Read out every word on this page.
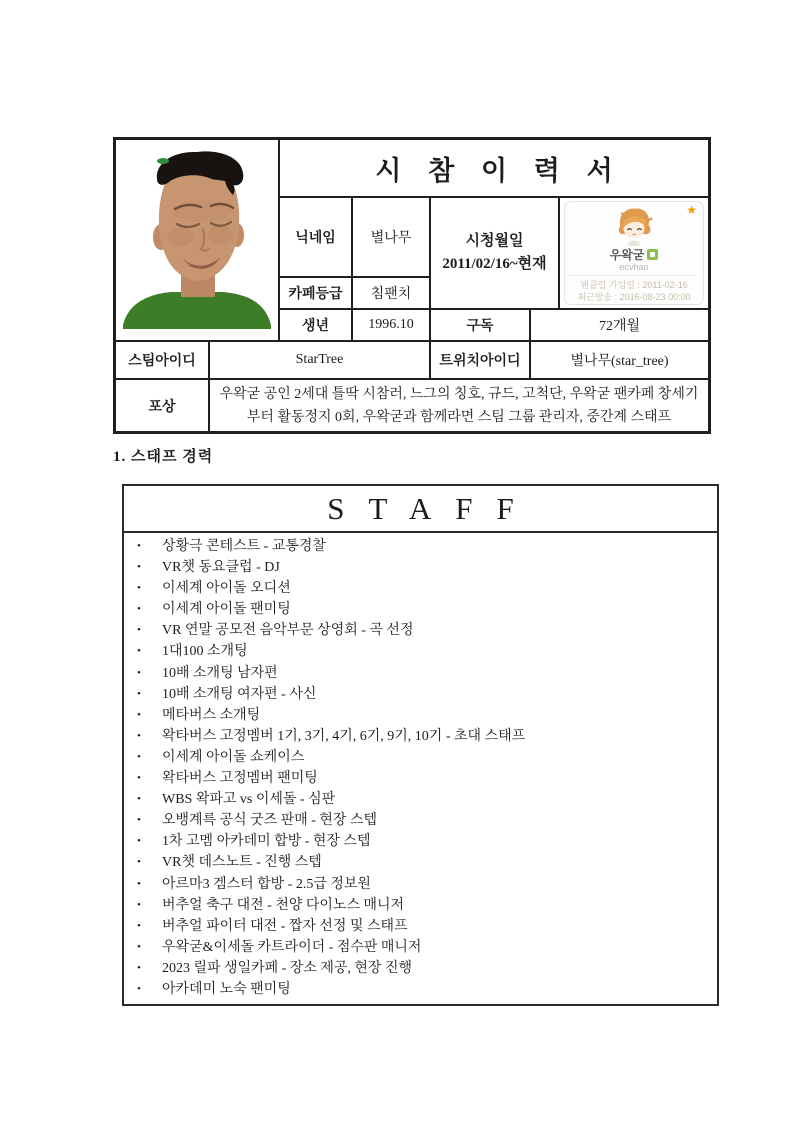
시 참 이 력 서
닉네임	별나무	시청월일
2011/02/16~현재
★
우왁굳
ecvhao
팬클럽 가입일 : 2011-02-16
최근방송 : 2016-08-23 00:00
카페등급	침팬치
생년	1996.10	구독	72개월
스팀아이디	StarTree	트위치아이디	별나무(star_tree)
포상
우왁굳 공인 2세대 틀딱 시참러, 느그의 칭호, 규드, 고척단, 우왁굳 팬카페 창세기부터 활동정지 0회, 우왁굳과 함께라면 스팀 그룹 관리자, 중간계 스태프
1. 스태프 경력
STAFF
•	상황극 콘테스트 - 교통경찰
•	VR챗 동요클럽 - DJ
•	이세계 아이돌 오디션
•	이세계 아이돌 팬미팅
•	VR 연말 공모전 음악부문 상영회 - 곡 선정
•	1대100 소개팅
•	10배 소개팅 남자편
•	10배 소개팅 여자편 - 사신
•	메타버스 소개팅
•	왁타버스 고정멤버 1기, 3기, 4기, 6기, 9기, 10기 - 초대 스태프
•	이세계 아이돌 쇼케이스
•	왁타버스 고정멤버 팬미팅
•	WBS 왁파고 vs 이세돌 - 심판
•	오뱅계륵 공식 굿즈 판매 - 현장 스텝
•	1차 고멤 아카데미 합방 - 현장 스텝
•	VR챗 데스노트 - 진행 스텝
•	아르마3 겜스터 합방 - 2.5급 정보원
•	버추얼 축구 대전 - 천양 다이노스 매니저
•	버추얼 파이터 대전 - 짭자 선정 및 스태프
•	우왁굳&이세돌 카트라이더 - 점수판 매니저
•	2023 릴파 생일카페 - 장소 제공, 현장 진행
•	아카데미 노숙 팬미팅
